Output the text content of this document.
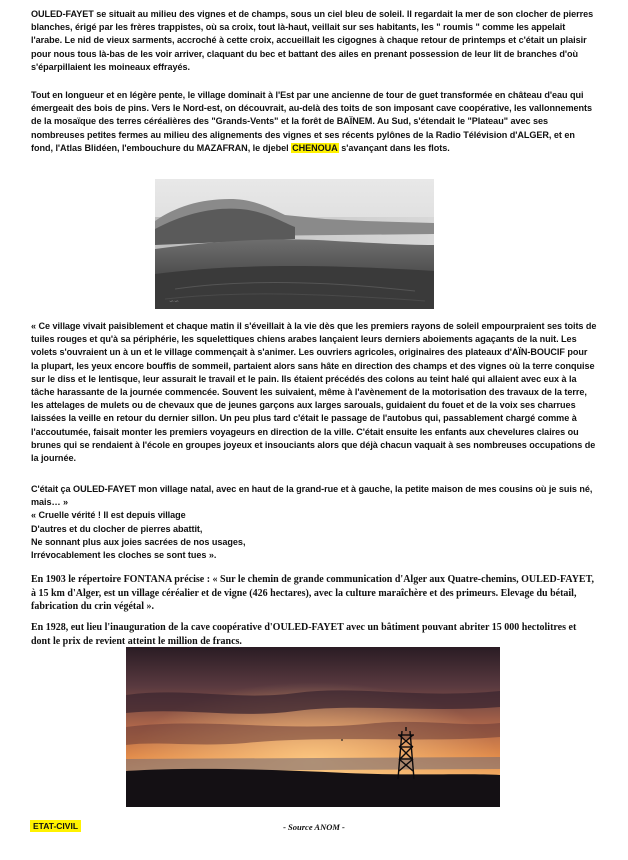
OULED-FAYET se situait au milieu des vignes et de champs, sous un ciel bleu de soleil. Il regardait la mer de son clocher de pierres blanches, érigé par les frères trappistes, où sa croix, tout là-haut, veillait sur ses habitants, les " roumis " comme les appelait l'arabe. Le nid de vieux sarments, accroché à cette croix, accueillait les cigognes à chaque retour de printemps et c'était un plaisir pour nous tous là-bas de les voir arriver, claquant du bec et battant des ailes en prenant possession de leur lit de branches d'où s'éparpillaient les moineaux effrayés.

Tout en longueur et en légère pente, le village dominait à l'Est par une ancienne de tour de guet transformée en château d'eau qui émergeait des bois de pins. Vers le Nord-est, on découvrait, au-delà des toits de son imposant cave coopérative, les vallonnements de la mosaïque des terres céréalières des "Grands-Vents" et la forêt de BAÏNEM. Au Sud, s'étendait le "Plateau" avec ses nombreuses petites fermes au milieu des alignements des vignes et ses récents pylônes de la Radio Télévision d'ALGER, et en fond, l'Atlas Blidéen, l'embouchure du MAZAFRAN, le djebel CHENOUA s'avançant dans les flots.

∽∽

« Ce village vivait paisiblement et chaque matin il s'éveillait à la vie dès que les premiers rayons de soleil empourpraient ses toits de tuiles rouges et qu'à sa périphérie, les squelettiques chiens arabes lançaient leurs derniers aboiements agaçants de la nuit. Les volets s'ouvraient un à un et le village commençait à s'animer. Les ouvriers agricoles, originaires des plateaux d'AÏN-BOUCIF pour la plupart, les yeux encore bouffis de sommeil, partaient alors sans hâte en direction des champs et des vignes où la terre conquise sur le diss et le lentisque, leur assurait le travail et le pain. Ils étaient précédés des colons au teint halé qui allaient avec eux à la tâche harassante de la journée commencée. Souvent les suivaient, même à l'avènement de la motorisation des travaux de la terre, les attelages de mulets ou de chevaux que de jeunes garçons aux larges sarouals, guidaient du fouet et de la voix ses charrues laissées la veille en retour du dernier sillon. Un peu plus tard c'était le passage de l'autobus qui, passablement chargé comme à l'accoutumée, faisait monter les premiers voyageurs en direction de la ville. C'était ensuite les enfants aux chevelures claires ou brunes qui se rendaient à l'école en groupes joyeux et insouciants alors que déjà chacun vaquait à ses nombreuses occupations de la journée.

C'était ça OULED-FAYET mon village natal, avec en haut de la grand-rue et à gauche, la petite maison de mes cousins où je suis né, mais… »
« Cruelle vérité ! Il est depuis village
D'autres et du clocher de pierres abattit,
Ne sonnant plus aux joies sacrées de nos usages,
Irrévocablement les cloches se sont tues ».

En 1903 le répertoire FONTANA précise : « Sur le chemin de grande communication d'Alger aux Quatre-chemins, OULED-FAYET, à 15 km d'Alger, est un village céréalier et de vigne (426 hectares), avec la culture maraîchère et des primeurs. Elevage du bétail, fabrication du crin végétal ».

En 1928, eut lieu l'inauguration de la cave coopérative d'OULED-FAYET avec un bâtiment pouvant abriter 15 000 hectolitres et dont le prix de revient atteint le million de francs.

ETAT-CIVIL	- Source ANOM -
